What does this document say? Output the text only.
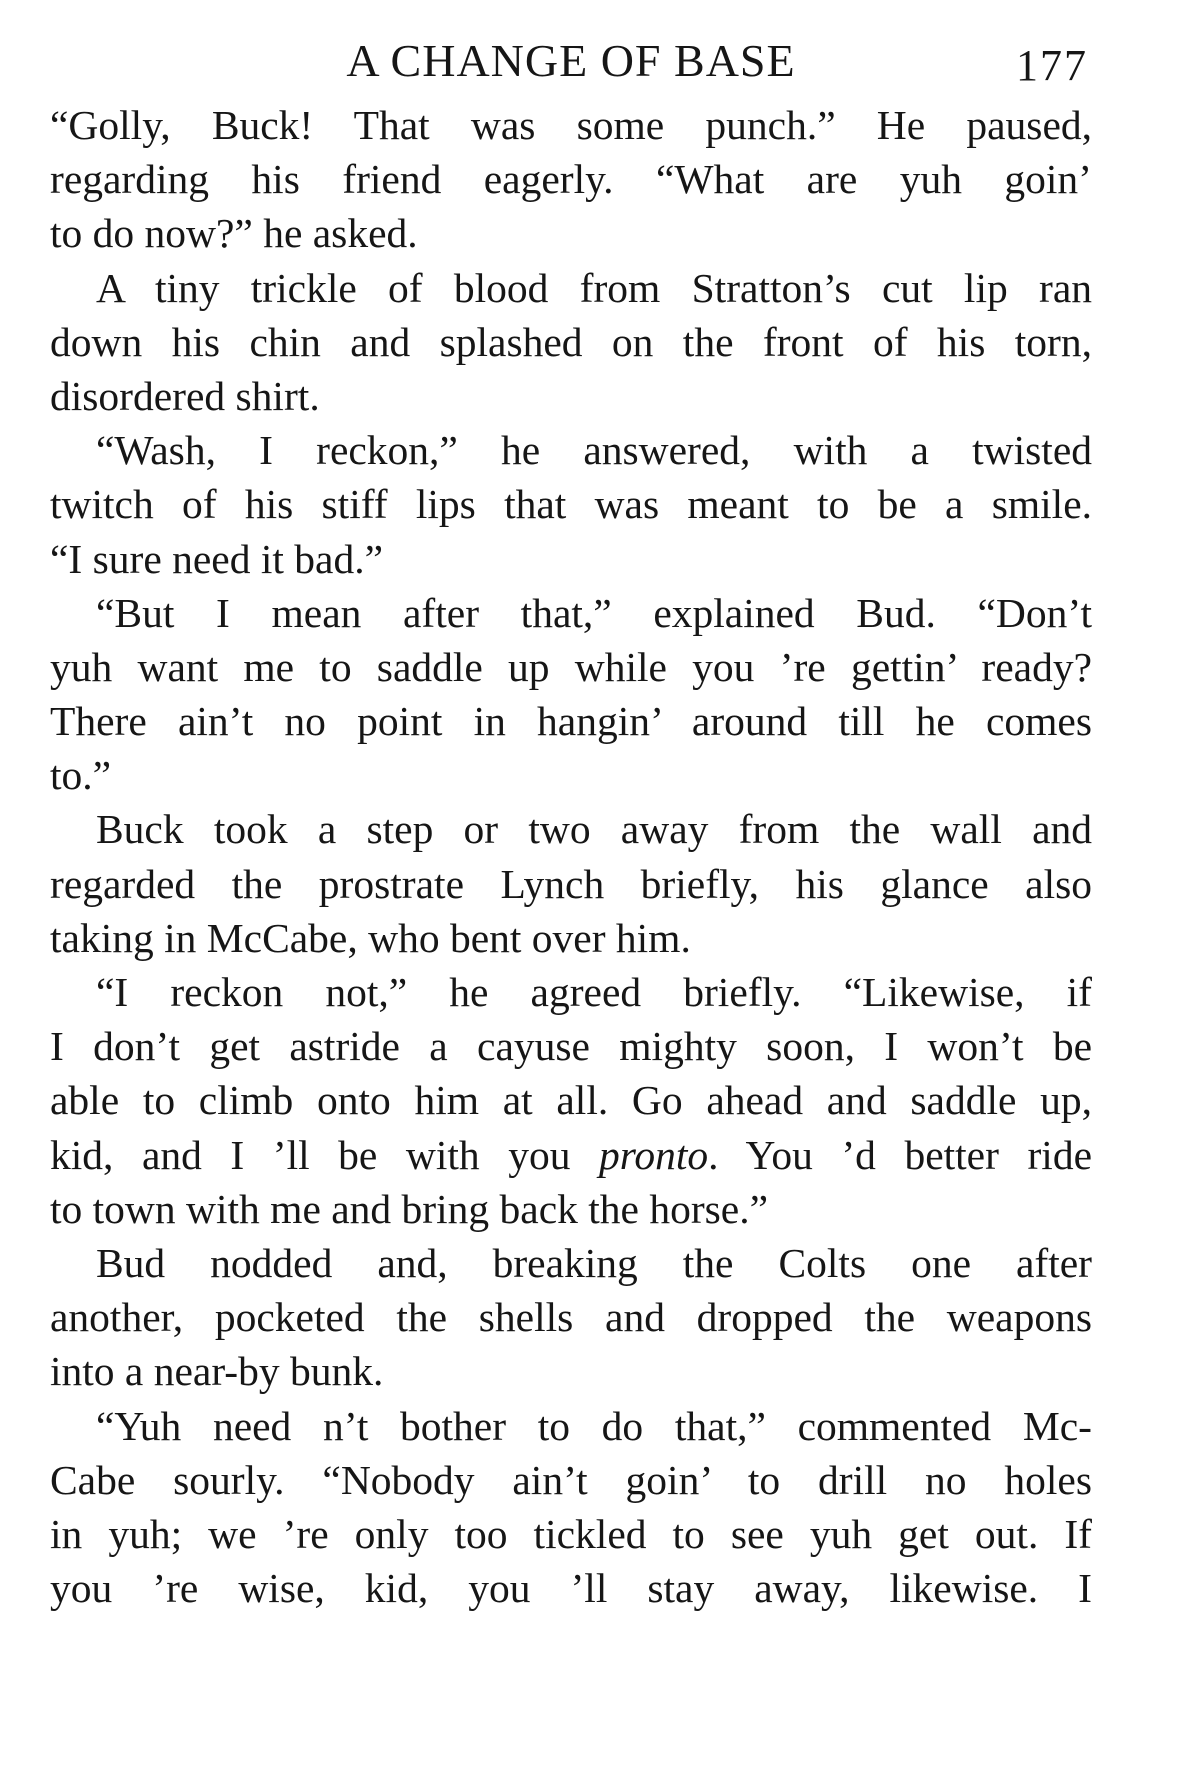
A CHANGE OF BASE	177
“Golly, Buck! That was some punch.” He paused,
regarding his friend eagerly. “What are yuh goin’
to do now?” he asked.
A tiny trickle of blood from Stratton’s cut lip ran
down his chin and splashed on the front of his torn,
disordered shirt.
“Wash, I reckon,” he answered, with a twisted
twitch of his stiff lips that was meant to be a smile.
“I sure need it bad.”
“But I mean after that,” explained Bud. “Don’t
yuh want me to saddle up while you ’re gettin’ ready?
There ain’t no point in hangin’ around till he comes
to.”
Buck took a step or two away from the wall and
regarded the prostrate Lynch briefly, his glance also
taking in McCabe, who bent over him.
“I reckon not,” he agreed briefly. “Likewise, if
I don’t get astride a cayuse mighty soon, I won’t be
able to climb onto him at all. Go ahead and saddle up,
kid, and I ’ll be with you pronto. You ’d better ride
to town with me and bring back the horse.”
Bud nodded and, breaking the Colts one after
another, pocketed the shells and dropped the weapons
into a near-by bunk.
“Yuh need n’t bother to do that,” commented Mc-
Cabe sourly. “Nobody ain’t goin’ to drill no holes
in yuh; we ’re only too tickled to see yuh get out. If
you ’re wise, kid, you ’ll stay away, likewise. I
